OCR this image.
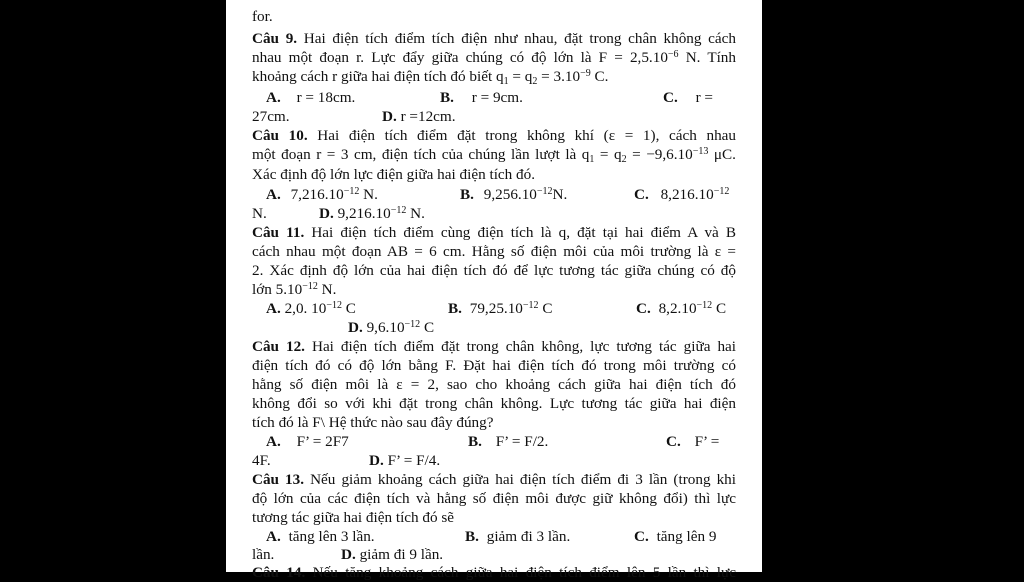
for.
Câu 9. Hai điện tích điểm tích điện như nhau, đặt trong chân không cách
nhau một đoạn r. Lực đẩy giữa chúng có độ lớn là $F = 2,5.10^{-6}$ N. Tính
khoảng cách r giữa hai điện tích đó biết $q_1 = q_2 = 3.10^{-9}$ C.
A. r = 18cm.	B. r = 9cm.	C. r =
27cm.	D. r =12cm.
Câu 10. Hai điện tích điểm đặt trong không khí (ε = 1), cách nhau
một đoạn r = 3 cm, điện tích của chúng lần lượt là $q_1 = q_2 = -9,6.10^{-13}$ μC.
Xác định độ lớn lực điện giữa hai điện tích đó.
A. $7,216.10^{-12}$ N.	B. $9,256.10^{-12}N$.	C. $8,216.10^{-12}$
N.	D. $9,216.10^{-12}$ N.
Câu 11. Hai điện tích điểm cùng điện tích là q, đặt tại hai điểm A và B
cách nhau một đoạn AB = 6 cm. Hằng số điện môi của môi trường là ε =
2. Xác định độ lớn của hai điện tích đó để lực tương tác giữa chúng có độ
lớn $5.10^{-12}$ N.
A. 2,0. $10^{-12}$ C	B. $79,25.10^{-12}$ C	C. $8,2.10^{-12}$ C
D. $9,6.10^{-12}$ C
Câu 12. Hai điện tích điểm đặt trong chân không, lực tương tác giữa hai
điện tích đó có độ lớn bằng F. Đặt hai điện tích đó trong môi trường có
hằng số điện môi là ε = 2, sao cho khoảng cách giữa hai điện tích đó
không đổi so với khi đặt trong chân không. Lực tương tác giữa hai điện
tích đó là F\ Hệ thức nào sau đây đúng?
A. F’ = 2F7	B. F’ = F/2.	C. F’ =
4F.	D. F’ = F/4.
Câu 13. Nếu giảm khoảng cách giữa hai điện tích điểm đi 3 lần (trong khi
độ lớn của các điện tích và hằng số điện môi được giữ không đổi) thì lực
tương tác giữa hai điện tích đó sẽ
A. tăng lên 3 lần.	B. giảm đi 3 lần.	C. tăng lên 9
lần.	D. giảm đi 9 lần.
Câu 14. Nếu tăng khoảng cách giữa hai điện tích điểm lên 5 lần thì lực
